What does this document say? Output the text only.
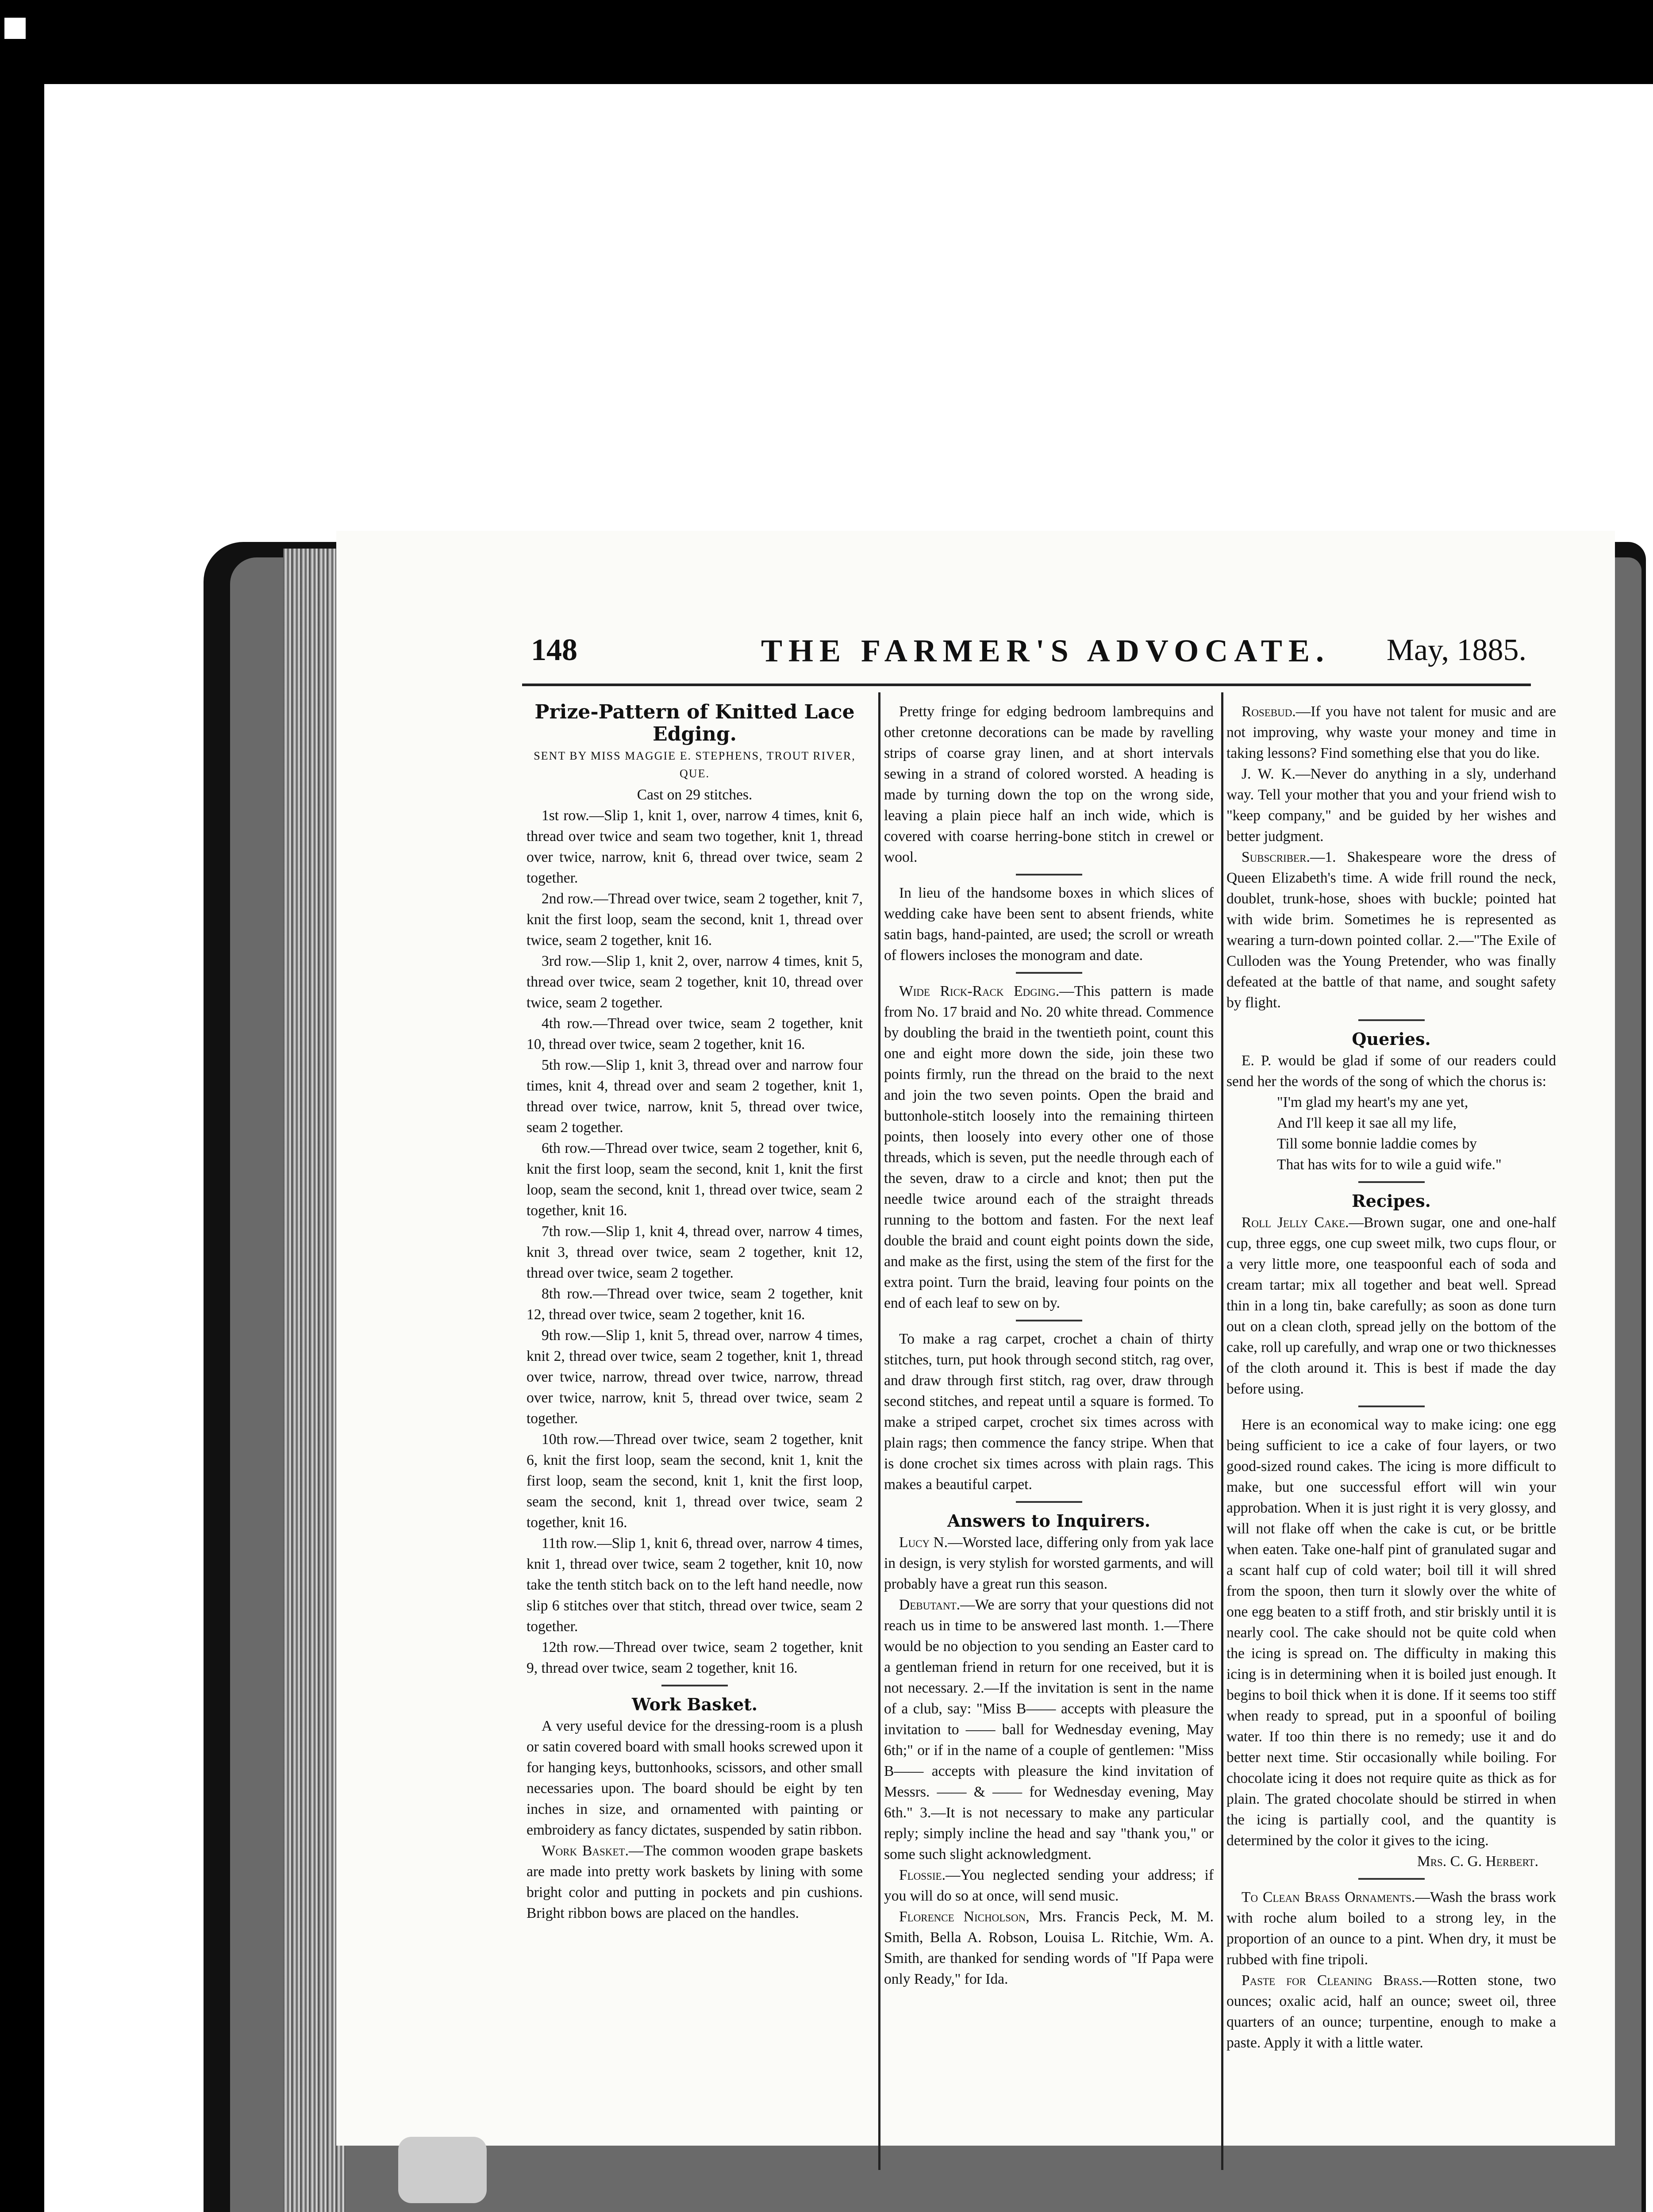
148	THE FARMER'S ADVOCATE. May, 1885.
Prize-Pattern of Knitted Lace Edging.
SENT BY MISS MAGGIE E. STEPHENS, TROUT RIVER, QUE.

Cast on 29 stitches.

1st row.—Slip 1, knit 1, over, narrow 4 times, knit 6, thread over twice and seam two together, knit 1, thread over twice, narrow, knit 6, thread over twice, seam 2 together.

2nd row.—Thread over twice, seam 2 together, knit 7, knit the first loop, seam the second, knit 1, thread over twice, seam 2 together, knit 16.

3rd row.—Slip 1, knit 2, over, narrow 4 times, knit 5, thread over twice, seam 2 together, knit 10, thread over twice, seam 2 together.

4th row.—Thread over twice, seam 2 together, knit 10, thread over twice, seam 2 together, knit 16.

5th row.—Slip 1, knit 3, thread over and narrow four times, knit 4, thread over and seam 2 together, knit 1, thread over twice, narrow, knit 5, thread over twice, seam 2 together.

6th row.—Thread over twice, seam 2 together, knit 6, knit the first loop, seam the second, knit 1, knit the first loop, seam the second, knit 1, thread over twice, seam 2 together, knit 16.

7th row.—Slip 1, knit 4, thread over, narrow 4 times, knit 3, thread over twice, seam 2 together, knit 12, thread over twice, seam 2 together.

8th row.—Thread over twice, seam 2 together, knit 12, thread over twice, seam 2 together, knit 16.

9th row.—Slip 1, knit 5, thread over, narrow 4 times, knit 2, thread over twice, seam 2 together, knit 1, thread over twice, narrow, thread over twice, narrow, thread over twice, narrow, knit 5, thread over twice, seam 2 together.

10th row.—Thread over twice, seam 2 together, knit 6, knit the first loop, seam the second, knit 1, knit the first loop, seam the second, knit 1, knit the first loop, seam the second, knit 1, thread over twice, seam 2 together, knit 16.

11th row.—Slip 1, knit 6, thread over, narrow 4 times, knit 1, thread over twice, seam 2 together, knit 10, now take the tenth stitch back on to the left hand needle, now slip 6 stitches over that stitch, thread over twice, seam 2 together.

12th row.—Thread over twice, seam 2 together, knit 9, thread over twice, seam 2 together, knit 16.

Work Basket.

A very useful device for the dressing-room is a plush or satin covered board with small hooks screwed upon it for hanging keys, buttonhooks, scissors, and other small necessaries upon. The board should be eight by ten inches in size, and ornamented with painting or embroidery as fancy dictates, suspended by satin ribbon.

Work Basket.—The common wooden grape baskets are made into pretty work baskets by lining with some bright color and putting in pockets and pin cushions. Bright ribbon bows are placed on the handles.

Pretty fringe for edging bedroom lambrequins and other cretonne decorations can be made by ravelling strips of coarse gray linen, and at short intervals sewing in a strand of colored worsted. A heading is made by turning down the top on the wrong side, leaving a plain piece half an inch wide, which is covered with coarse herring-bone stitch in crewel or wool.

In lieu of the handsome boxes in which slices of wedding cake have been sent to absent friends, white satin bags, hand-painted, are used; the scroll or wreath of flowers incloses the monogram and date.

Wide Rick-Rack Edging.—This pattern is made from No. 17 braid and No. 20 white thread. Commence by doubling the braid in the twentieth point, count this one and eight more down the side, join these two points firmly, run the thread on the braid to the next and join the two seven points. Open the braid and buttonhole-stitch loosely into the remaining thirteen points, then loosely into every other one of those threads, which is seven, put the needle through each of the seven, draw to a circle and knot; then put the needle twice around each of the straight threads running to the bottom and fasten. For the next leaf double the braid and count eight points down the side, and make as the first, using the stem of the first for the extra point. Turn the braid, leaving four points on the end of each leaf to sew on by.

To make a rag carpet, crochet a chain of thirty stitches, turn, put hook through second stitch, rag over, and draw through first stitch, rag over, draw through second stitches, and repeat until a square is formed. To make a striped carpet, crochet six times across with plain rags; then commence the fancy stripe. When that is done crochet six times across with plain rags. This makes a beautiful carpet.

Answers to Inquirers.

Lucy N.—Worsted lace, differing only from yak lace in design, is very stylish for worsted garments, and will probably have a great run this season.

Debutant.—We are sorry that your questions did not reach us in time to be answered last month. 1.—There would be no objection to you sending an Easter card to a gentleman friend in return for one received, but it is not necessary. 2.—If the invitation is sent in the name of a club, say: "Miss B—— accepts with pleasure the invitation to —— ball for Wednesday evening, May 6th;" or if in the name of a couple of gentlemen: "Miss B—— accepts with pleasure the kind invitation of Messrs. —— & —— for Wednesday evening, May 6th." 3.—It is not necessary to make any particular reply; simply incline the head and say "thank you," or some such slight acknowledgment.

Flossie.—You neglected sending your address; if you will do so at once, will send music.

Florence Nicholson, Mrs. Francis Peck, M. M. Smith, Bella A. Robson, Louisa L. Ritchie, Wm. A. Smith, are thanked for sending words of "If Papa were only Ready," for Ida.

Rosebud.—If you have not talent for music and are not improving, why waste your money and time in taking lessons? Find something else that you do like.

J. W. K.—Never do anything in a sly, underhand way. Tell your mother that you and your friend wish to "keep company," and be guided by her wishes and better judgment.

Subscriber.—1. Shakespeare wore the dress of Queen Elizabeth's time. A wide frill round the neck, doublet, trunk-hose, shoes with buckle; pointed hat with wide brim. Sometimes he is represented as wearing a turn-down pointed collar. 2.—"The Exile of Culloden was the Young Pretender, who was finally defeated at the battle of that name, and sought safety by flight.

Queries.

E. P. would be glad if some of our readers could send her the words of the song of which the chorus is:

"I'm glad my heart's my ane yet,

And I'll keep it sae all my life,

Till some bonnie laddie comes by

That has wits for to wile a guid wife."

Recipes.

Roll Jelly Cake.—Brown sugar, one and one-half cup, three eggs, one cup sweet milk, two cups flour, or a very little more, one teaspoonful each of soda and cream tartar; mix all together and beat well. Spread thin in a long tin, bake carefully; as soon as done turn out on a clean cloth, spread jelly on the bottom of the cake, roll up carefully, and wrap one or two thicknesses of the cloth around it. This is best if made the day before using.

Here is an economical way to make icing: one egg being sufficient to ice a cake of four layers, or two good-sized round cakes. The icing is more difficult to make, but one successful effort will win your approbation. When it is just right it is very glossy, and will not flake off when the cake is cut, or be brittle when eaten. Take one-half pint of granulated sugar and a scant half cup of cold water; boil till it will shred from the spoon, then turn it slowly over the white of one egg beaten to a stiff froth, and stir briskly until it is nearly cool. The cake should not be quite cold when the icing is spread on. The difficulty in making this icing is in determining when it is boiled just enough. It begins to boil thick when it is done. If it seems too stiff when ready to spread, put in a spoonful of boiling water. If too thin there is no remedy; use it and do better next time. Stir occasionally while boiling. For chocolate icing it does not require quite as thick as for plain. The grated chocolate should be stirred in when the icing is partially cool, and the quantity is determined by the color it gives to the icing.

Mrs. C. G. Herbert.

To Clean Brass Ornaments.—Wash the brass work with roche alum boiled to a strong ley, in the proportion of an ounce to a pint. When dry, it must be rubbed with fine tripoli.

Paste for Cleaning Brass.—Rotten stone, two ounces; oxalic acid, half an ounce; sweet oil, three quarters of an ounce; turpentine, enough to make a paste. Apply it with a little water.
